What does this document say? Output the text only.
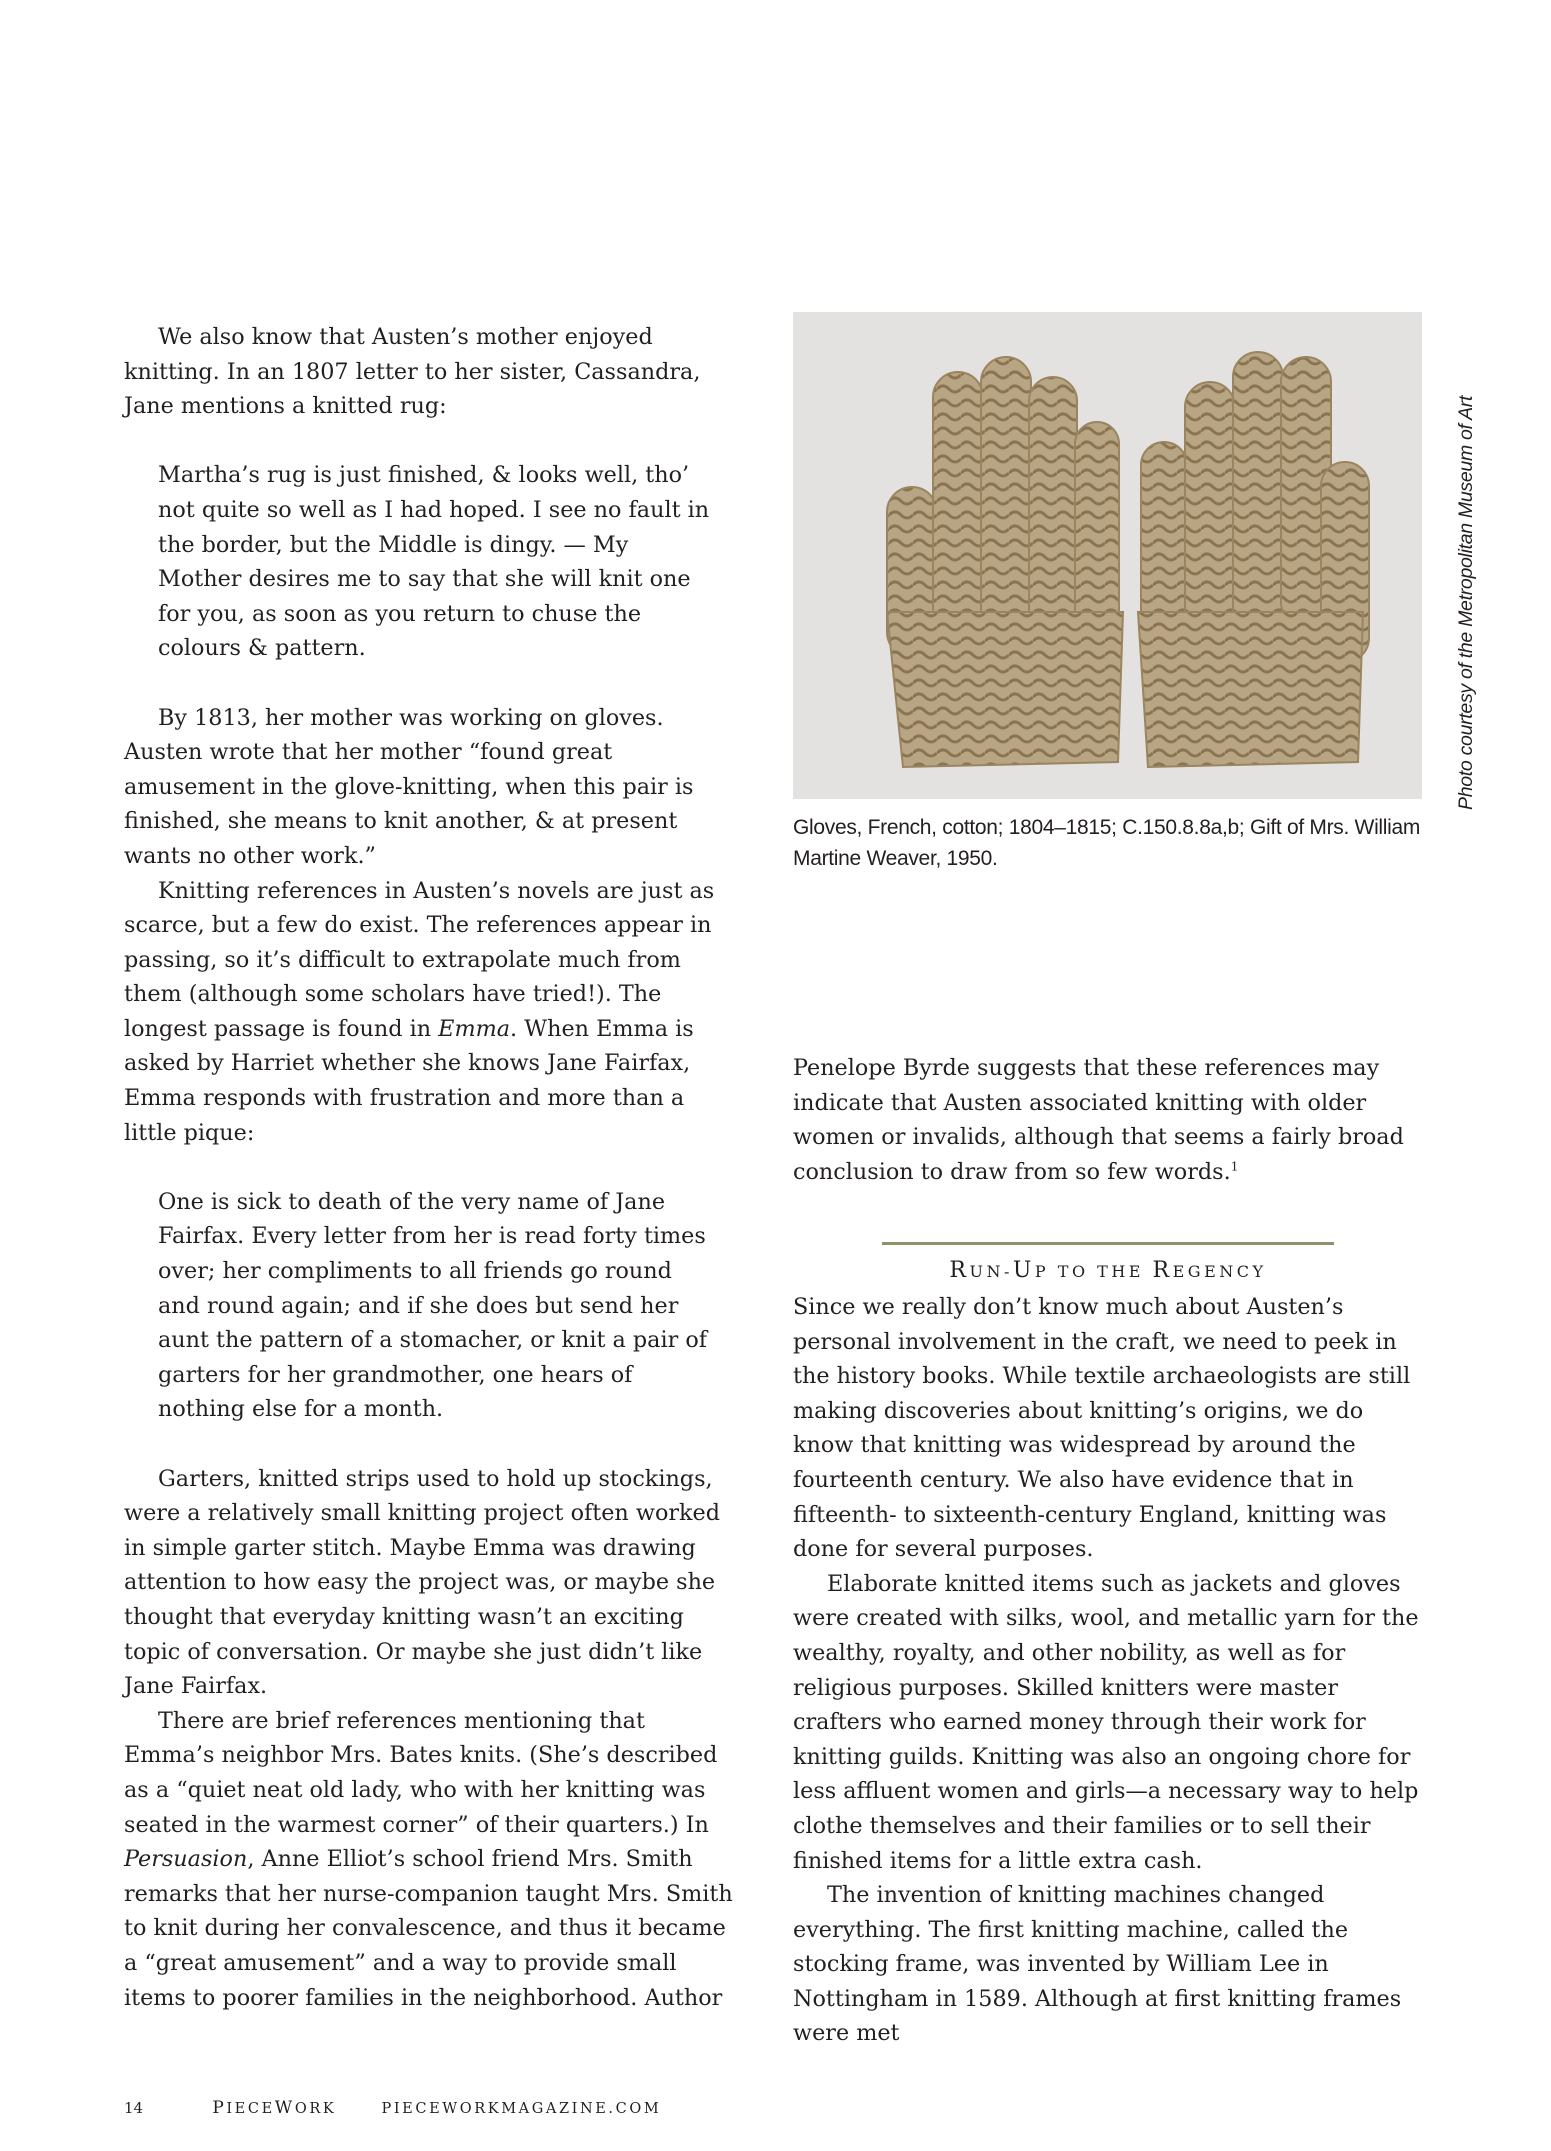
We also know that Austen’s mother enjoyed knitting. In an 1807 letter to her sister, Cassandra, Jane mentions a knitted rug:

Martha’s rug is just finished, & looks well, tho’ not quite so well as I had hoped. I see no fault in the border, but the Middle is dingy. — My Mother desires me to say that she will knit one for you, as soon as you return to chuse the colours & pattern.

By 1813, her mother was working on gloves. Austen wrote that her mother “found great amusement in the glove-knitting, when this pair is finished, she means to knit another, & at present wants no other work.”

Knitting references in Austen’s novels are just as scarce, but a few do exist. The references appear in passing, so it’s difficult to extrapolate much from them (although some scholars have tried!). The longest passage is found in Emma. When Emma is asked by Harriet whether she knows Jane Fairfax, Emma responds with frustration and more than a little pique:

One is sick to death of the very name of Jane Fairfax. Every letter from her is read forty times over; her compliments to all friends go round and round again; and if she does but send her aunt the pattern of a stomacher, or knit a pair of garters for her grandmother, one hears of nothing else for a month.

Garters, knitted strips used to hold up stockings, were a relatively small knitting project often worked in simple garter stitch. Maybe Emma was drawing attention to how easy the project was, or maybe she thought that everyday knitting wasn’t an exciting topic of conversation. Or maybe she just didn’t like Jane Fairfax.

There are brief references mentioning that Emma’s neighbor Mrs. Bates knits. (She’s described as a “quiet neat old lady, who with her knitting was seated in the warmest corner” of their quarters.) In Persuasion, Anne Elliot’s school friend Mrs. Smith remarks that her nurse-companion taught Mrs. Smith to knit during her convalescence, and thus it became a “great amusement” and a way to provide small items to poorer families in the neighborhood. Author

Gloves, French, cotton; 1804–1815; C.150.8.8a,b; Gift of Mrs. William Martine Weaver, 1950.
Photo courtesy of the Metropolitan Museum of Art

Penelope Byrde suggests that these references may indicate that Austen associated knitting with older women or invalids, although that seems a fairly broad conclusion to draw from so few words.$^1$

RUN-UP TO THE REGENCY

Since we really don’t know much about Austen’s personal involvement in the craft, we need to peek in the history books. While textile archaeologists are still making discoveries about knitting’s origins, we do know that knitting was widespread by around the fourteenth century. We also have evidence that in fifteenth- to sixteenth-century England, knitting was done for several purposes.

Elaborate knitted items such as jackets and gloves were created with silks, wool, and metallic yarn for the wealthy, royalty, and other nobility, as well as for religious purposes. Skilled knitters were master crafters who earned money through their work for knitting guilds. Knitting was also an ongoing chore for less affluent women and girls—a necessary way to help clothe themselves and their families or to sell their finished items for a little extra cash.

The invention of knitting machines changed everything. The first knitting machine, called the stocking frame, was invented by William Lee in Nottingham in 1589. Although at first knitting frames were met

14	PIECEWORK	PIECEWORKMAGAZINE.COM
